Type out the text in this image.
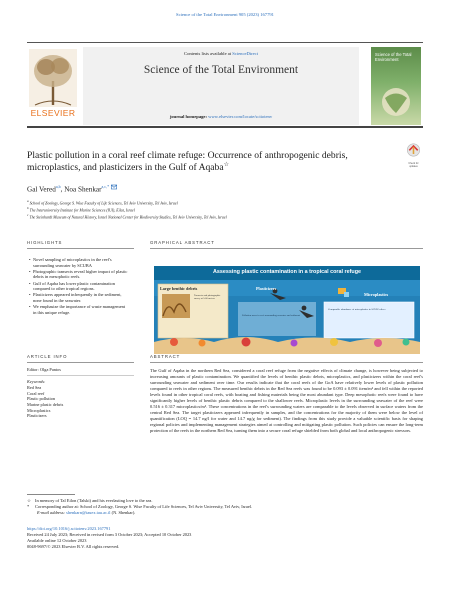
Science of the Total Environment 905 (2023) 167791
ELSEVIER
Contents lists available at ScienceDirect
Science of the Total Environment
journal homepage: www.elsevier.com/locate/scitotenv
Science of the Total Environment
Plastic pollution in a coral reef climate refuge: Occurrence of anthropogenic debris, microplastics, and plasticizers in the Gulf of Aqaba☆	Check for updates
Gal Vered$^{a,b}$, Noa Shenkar$^{a,c,*}$
$^a$ School of Zoology, George S. Wise Faculty of Life Sciences, Tel Aviv University, Tel Aviv, Israel
$^b$ The Interuniversity Institute for Marine Sciences (IUI), Eilat, Israel
$^c$ The Steinhardt Museum of Natural History, Israel National Center for Biodiversity Studies, Tel Aviv University, Tel Aviv, Israel
HIGHLIGHTS
• Novel sampling of microplastics in the reef's surrounding seawater by SCUBA
• Photographic transects reveal higher impact of plastic debris in mesophotic reefs.
• Gulf of Aqaba has lower plastic contamination compared to other tropical regions.
• Plasticizers appeared infrequently in the sediment, none found in the seawater.
• We emphasize the importance of waste management in this unique refuge.
GRAPHICAL ABSTRACT
Assessing plastic contamination in a tropical coral refuge
Large benthic debris
Transects and photographic survey at 5-60 meters
Plasticizers
Pollution more in reef surrounding seawater and sediment
Microplastics
Comparable abundance of microplastics in SCUBA dives
ARTICLE INFO
Editor: Olga Pantos
Keywords:
Red Sea
Coral reef
Plastic pollution
Marine plastic debris
Microplastics
Plasticizers
ABSTRACT
The Gulf of Aqaba in the northern Red Sea, considered a coral reef refuge from the negative effects of climate change, is however being subjected to increasing amounts of plastic contamination. We quantified the levels of benthic plastic debris, microplastics, and plasticizers within the coral reef's surrounding seawater and sediment over time. Our results indicate that the coral reefs of the GoA have relatively lower levels of plastic pollution compared to reefs in other regions. The measured benthic debris in the Red Sea reefs was found to be 0.093 ± 0.091 item/m² and fell within the reported levels found in other tropical coral reefs, with boating and fishing materials being the most abundant type. Deep mesophotic reefs were found to have significantly higher levels of benthic plastic debris compared to the shallower reefs. Microplastic levels in the surrounding seawater of the reef were 0.516 ± 0.317 microplastics/m³. These concentrations in the reef's surrounding waters are comparable to the levels observed in surface waters from the central Red Sea. The target plasticizers appeared infrequently in samples, and the concentrations for the majority of them were below the level of quantification (LOQ = 14.7 ng/l for water and 14.7 ng/g for sediment). The findings from this study provide a valuable scientific basis for shaping regional policies and implementing management strategies aimed at controlling and mitigating plastic pollution. Such policies can ensure the long-term protection of the reefs in the northern Red Sea, turning them into a secure coral refuge shielded from both global and local anthropogenic stressors.
☆ In memory of Tal Eilon (Talski) and his everlasting love to the sea.
* Corresponding author at: School of Zoology, George S. Wise Faculty of Life Sciences, Tel Aviv University, Tel Aviv, Israel.
E-mail address: shenkarn@tauex.tau.ac.il (N. Shenkar).
https://doi.org/10.1016/j.scitotenv.2023.167791
Received 24 July 2023; Received in revised form 3 October 2023; Accepted 10 October 2023
Available online 12 October 2023
0048-9697/© 2023 Elsevier B.V. All rights reserved.
